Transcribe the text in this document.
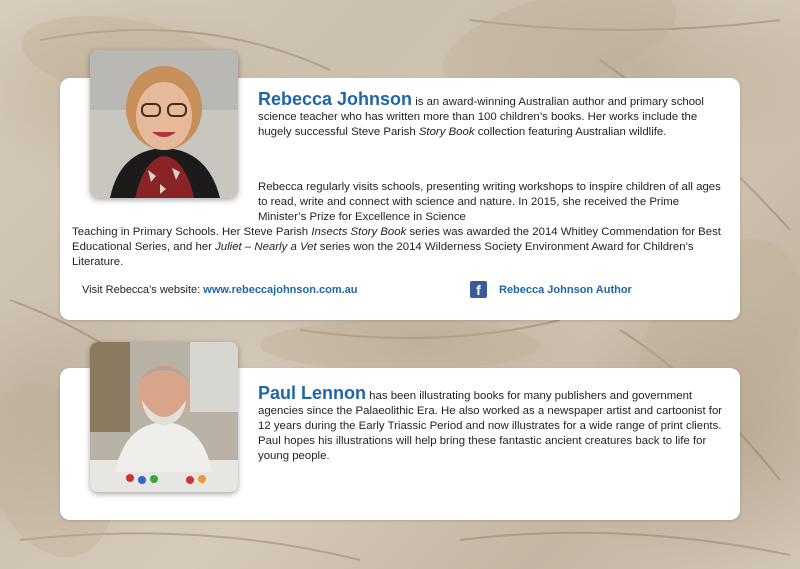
Rebecca Johnson is an award-winning Australian author and primary school science teacher who has written more than 100 children’s books. Her works include the hugely successful Steve Parish Story Book collection featuring Australian wildlife.
Rebecca regularly visits schools, presenting writing workshops to inspire children of all ages to read, write and connect with science and nature. In 2015, she received the Prime Minister’s Prize for Excellence in Science
Teaching in Primary Schools. Her Steve Parish Insects Story Book series was awarded the 2014 Whitley Commendation for Best Educational Series, and her Juliet – Nearly a Vet series won the 2014 Wilderness Society Environment Award for Children’s Literature.
Visit Rebecca’s website: www.rebeccajohnson.com.au	f	Rebecca Johnson Author
Paul Lennon has been illustrating books for many publishers and government agencies since the Palaeolithic Era. He also worked as a newspaper artist and cartoonist for 12 years during the Early Triassic Period and now illustrates for a wide range of print clients. Paul hopes his illustrations will help bring these fantastic ancient creatures back to life for young people.
